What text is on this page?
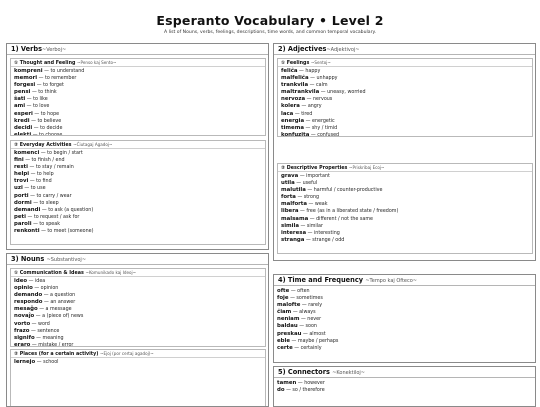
Esperanto Vocabulary • Level 2
A list of Nouns, verbs, feelings, descriptions, time words, and common temporal vocabulary.
1) Verbs~Verboj~
① Thought and Feeling ~Penso kaj Sento~
kompreni — to understand
memori — to remember
forgesi — to forget
pensi — to think
ŝati — to like
ami — to love
esperi — to hope
kredi — to believe
decidi — to decide
elekti — to choose
② Everyday Activities ~Ĉiutagaj Agadoj~
komenci — to begin / start
fini — to finish / end
resti — to stay / remain
helpi — to help
trovi — to find
uzi — to use
porti — to carry / wear
dormi — to sleep
demandi — to ask (a question)
peti — to request / ask for
paroli — to speak
renkonti — to meet (someone)
3) Nouns ~Substantivoj~
① Communication & Ideas ~Komunikado kaj Ideoj~
ideo — idea
opinio — opinion
demando — a question
respondo — an answer
mesaĝo — a message
novaĵo — a (piece of) news
vorto — word
frazo — sentence
signifo — meaning
eraro — mistake / error
② Places (for a certain activity) ~Ejoj (por certaj agadoj)~
lernejo — school
2) Adjectives~Adjektivoj~
① Feelings ~Sentoj~
feliĉa — happy
malfeliĉa — unhappy
trankvila — calm
maltrankvila — uneasy, worried
nervoza — nervous
kolera — angry
laca — tired
energia — energetic
timema — shy / timid
konfuzita — confused
② Descriptive Properties ~Priskribaj Ecoj~
grava — important
utila — useful
malutila — harmful / counter-productive
forta — strong
malforta — weak
libera — free (as in a liberated state / freedom)
malsama — different / not the same
simila — similar
interesa — interesting
stranga — strange / odd
4) Time and Frequency ~Tempo kaj Ofteco~
ofte — often
foje — sometimes
malofte — rarely
ĉiam — always
neniam — never
baldau — soon
preskau — almost
eble — maybe / perhaps
certe — certainly
5) Connectors ~Konektiloj~
tamen — however
do — so / therefore
